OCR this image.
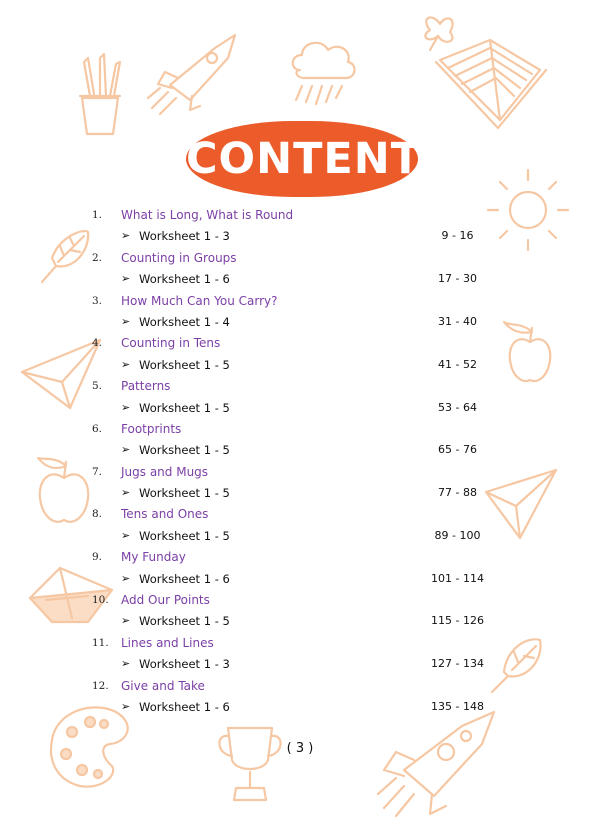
CONTENTS
1. What is Long, What is Round
➢ Worksheet 1 - 3	9 - 16
2. Counting in Groups
➢ Worksheet 1 - 6	17 - 30
3. How Much Can You Carry?
➢ Worksheet 1 - 4	31 - 40
4. Counting in Tens
➢ Worksheet 1 - 5	41 - 52
5. Patterns
➢ Worksheet 1 - 5	53 - 64
6. Footprints
➢ Worksheet 1 - 5	65 - 76
7. Jugs and Mugs
➢ Worksheet 1 - 5	77 - 88
8. Tens and Ones
➢ Worksheet 1 - 5	89 - 100
9. My Funday
➢ Worksheet 1 - 6	101 - 114
10. Add Our Points
➢ Worksheet 1 - 5	115 - 126
11. Lines and Lines
➢ Worksheet 1 - 3	127 - 134
12. Give and Take
➢ Worksheet 1 - 6	135 - 148
( 3 )
